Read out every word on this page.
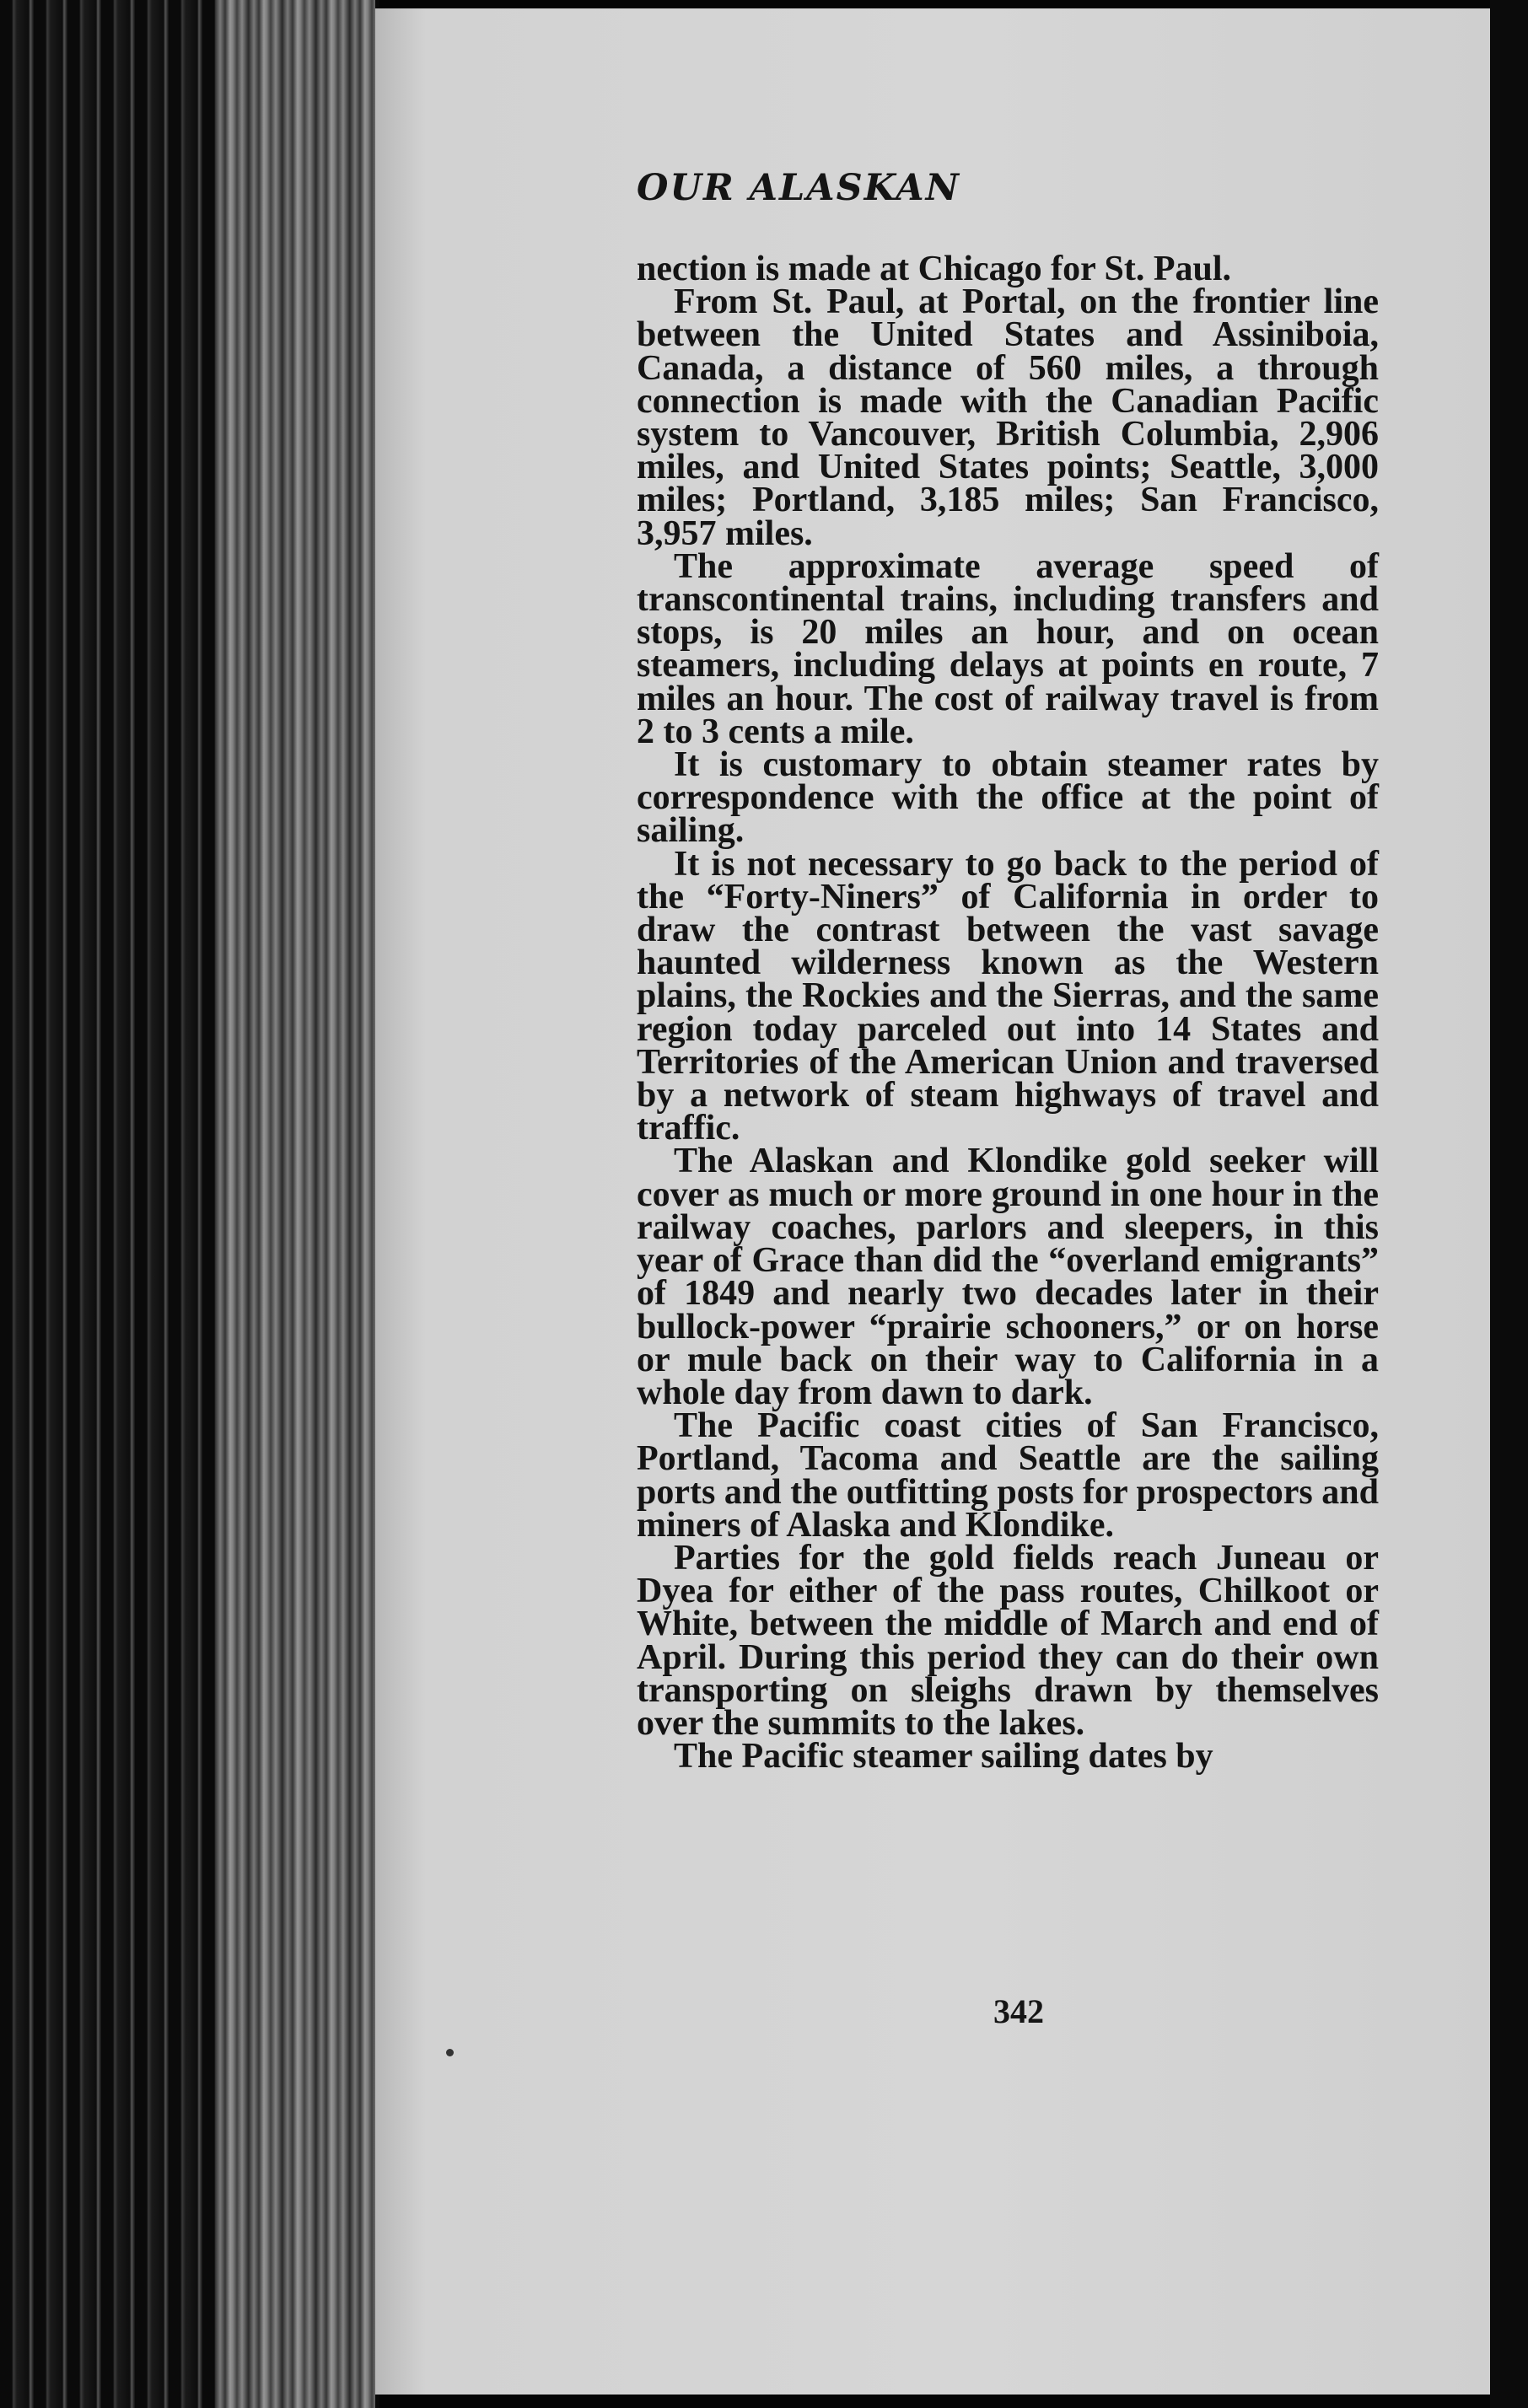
OUR ALASKAN

nection is made at Chicago for St. Paul.

From St. Paul, at Portal, on the frontier line between the United States and Assiniboia, Canada, a distance of 560 miles, a through connection is made with the Canadian Pacific system to Vancouver, British Columbia, 2,906 miles, and United States points; Seattle, 3,000 miles; Portland, 3,185 miles; San Francisco, 3,957 miles.

The approximate average speed of transcontinental trains, including transfers and stops, is 20 miles an hour, and on ocean steamers, including delays at points en route, 7 miles an hour. The cost of railway travel is from 2 to 3 cents a mile.

It is customary to obtain steamer rates by correspondence with the office at the point of sailing.

It is not necessary to go back to the period of the “Forty-Niners” of California in order to draw the contrast between the vast savage haunted wilderness known as the Western plains, the Rockies and the Sierras, and the same region today parceled out into 14 States and Territories of the American Union and traversed by a network of steam highways of travel and traffic.

The Alaskan and Klondike gold seeker will cover as much or more ground in one hour in the railway coaches, parlors and sleepers, in this year of Grace than did the “overland emigrants” of 1849 and nearly two decades later in their bullock-power “prairie schooners,” or on horse or mule back on their way to California in a whole day from dawn to dark.

The Pacific coast cities of San Francisco, Portland, Tacoma and Seattle are the sailing ports and the outfitting posts for prospectors and miners of Alaska and Klondike.

Parties for the gold fields reach Juneau or Dyea for either of the pass routes, Chilkoot or White, between the middle of March and end of April. During this period they can do their own transporting on sleighs drawn by themselves over the summits to the lakes.

The Pacific steamer sailing dates by

342
